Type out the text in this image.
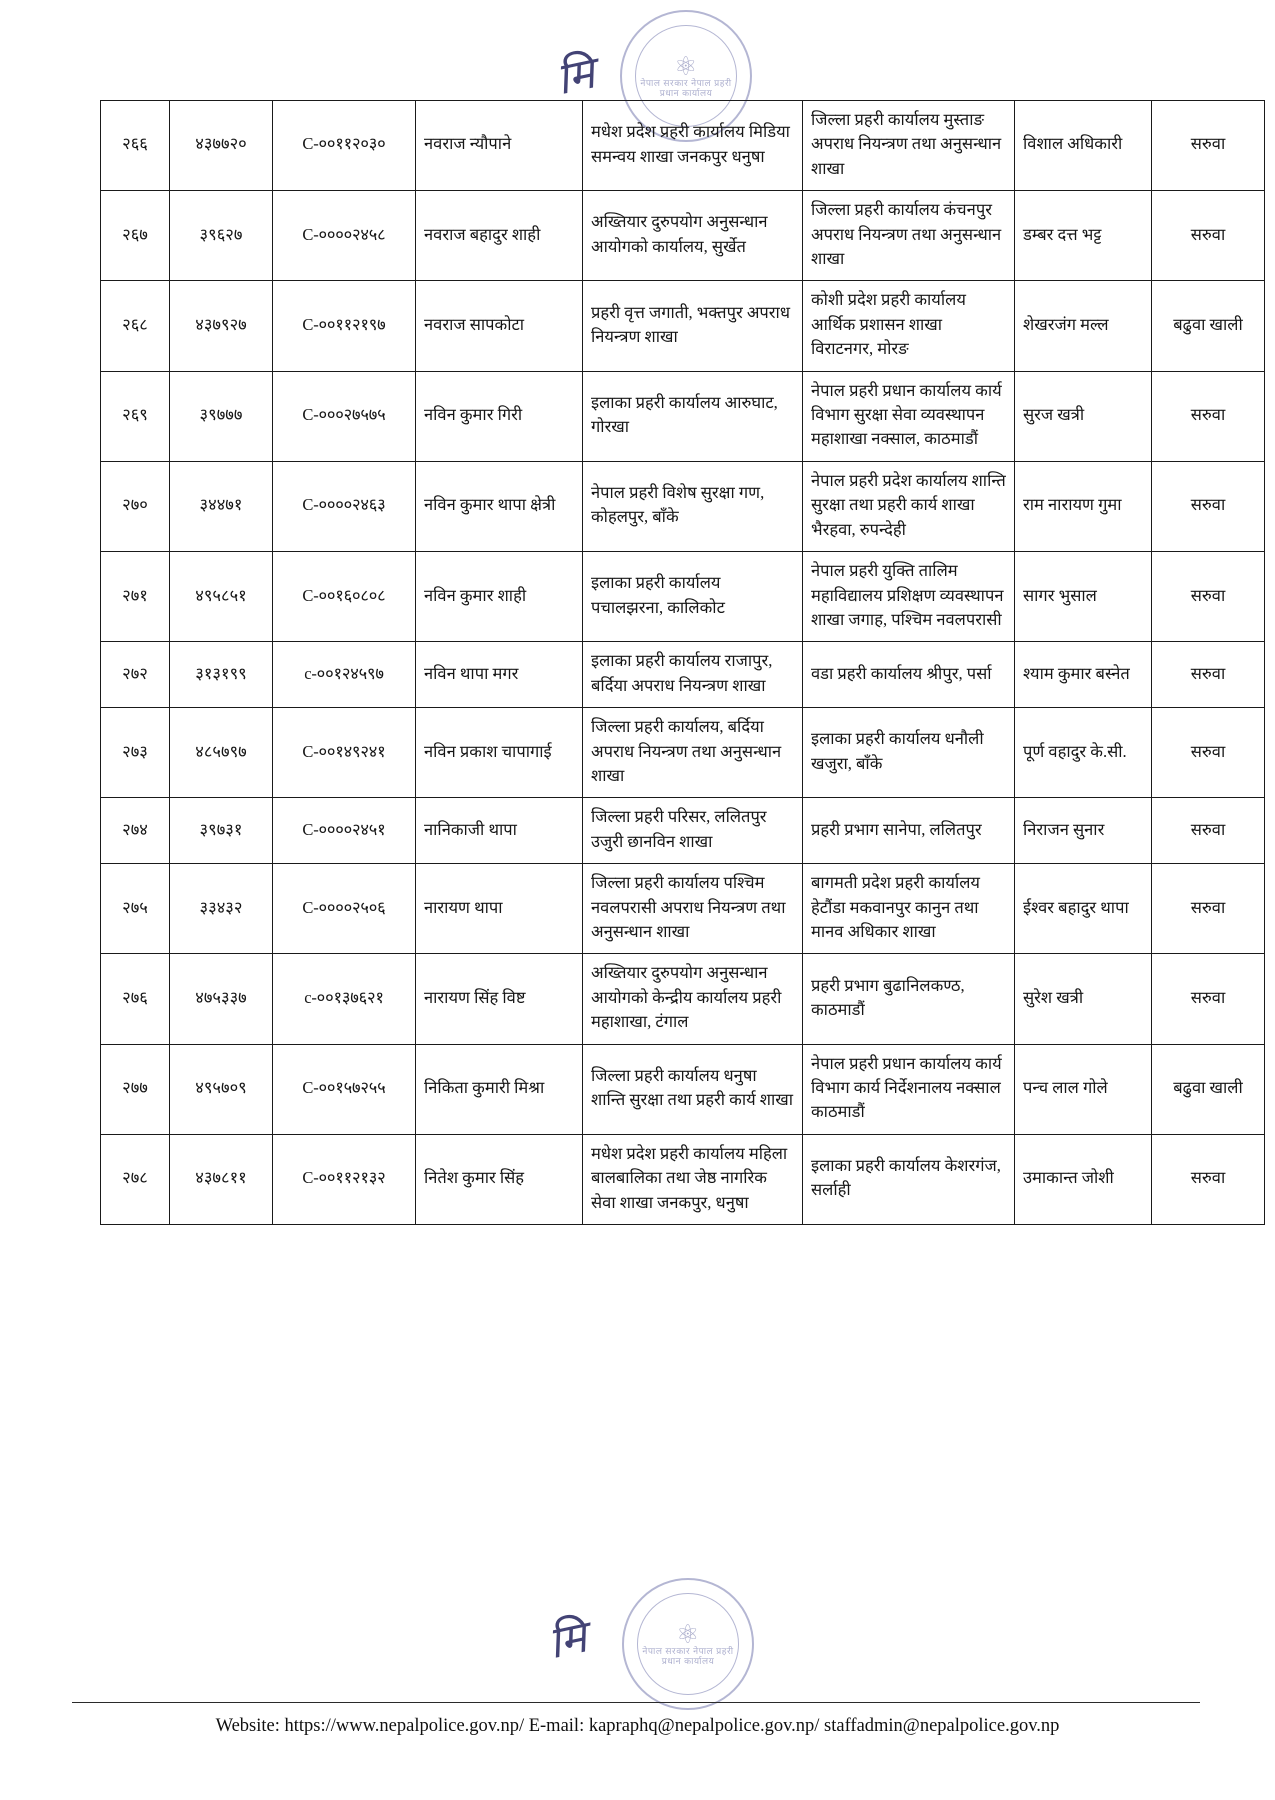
⚛
नेपाल सरकार नेपाल प्रहरी प्रधान कार्यालय
मि
२६६	४३७७२०	C-००११२०३०	नवराज न्यौपाने	मधेश प्रदेश प्रहरी कार्यालय मिडिया समन्वय शाखा जनकपुर धनुषा	जिल्ला प्रहरी कार्यालय मुस्ताङ अपराध नियन्त्रण तथा अनुसन्धान शाखा	विशाल अधिकारी	सरुवा
२६७	३९६२७	C-००००२४५८	नवराज बहादुर शाही	अख्तियार दुरुपयोग अनुसन्धान आयोगको कार्यालय, सुर्खेत	जिल्ला प्रहरी कार्यालय कंचनपुर अपराध नियन्त्रण तथा अनुसन्धान शाखा	डम्बर दत्त भट्ट	सरुवा
२६८	४३७९२७	C-००११२१९७	नवराज सापकोटा	प्रहरी वृत्त जगाती, भक्तपुर अपराध नियन्त्रण शाखा	कोशी प्रदेश प्रहरी कार्यालय आर्थिक प्रशासन शाखा विराटनगर, मोरङ	शेखरजंग मल्ल	बढुवा खाली
२६९	३९७७७	C-०००२७५७५	नविन कुमार गिरी	इलाका प्रहरी कार्यालय आरुघाट, गोरखा	नेपाल प्रहरी प्रधान कार्यालय कार्य विभाग सुरक्षा सेवा व्यवस्थापन महाशाखा नक्साल, काठमाडौं	सुरज खत्री	सरुवा
२७०	३४४७१	C-००००२४६३	नविन कुमार थापा क्षेत्री	नेपाल प्रहरी विशेष सुरक्षा गण, कोहलपुर, बाँके	नेपाल प्रहरी प्रदेश कार्यालय शान्ति सुरक्षा तथा प्रहरी कार्य शाखा भैरहवा, रुपन्देही	राम नारायण गुमा	सरुवा
२७१	४९५८५१	C-००१६०८०८	नविन कुमार शाही	इलाका प्रहरी कार्यालय पचालझरना, कालिकोट	नेपाल प्रहरी युक्ति तालिम महाविद्यालय प्रशिक्षण व्यवस्थापन शाखा जगाह, पश्चिम नवलपरासी	सागर भुसाल	सरुवा
२७२	३१३१९९	c-००१२४५९७	नविन थापा मगर	इलाका प्रहरी कार्यालय राजापुर, बर्दिया अपराध नियन्त्रण शाखा	वडा प्रहरी कार्यालय श्रीपुर, पर्सा	श्याम कुमार बस्नेत	सरुवा
२७३	४८५७९७	C-००१४९२४१	नविन प्रकाश चापागाई	जिल्ला प्रहरी कार्यालय, बर्दिया अपराध नियन्त्रण तथा अनुसन्धान शाखा	इलाका प्रहरी कार्यालय धनौली खजुरा, बाँके	पूर्ण वहादुर के.सी.	सरुवा
२७४	३९७३१	C-००००२४५१	नानिकाजी थापा	जिल्ला प्रहरी परिसर, ललितपुर उजुरी छानविन शाखा	प्रहरी प्रभाग सानेपा, ललितपुर	निराजन सुनार	सरुवा
२७५	३३४३२	C-००००२५०६	नारायण थापा	जिल्ला प्रहरी कार्यालय पश्चिम नवलपरासी अपराध नियन्त्रण तथा अनुसन्धान शाखा	बागमती प्रदेश प्रहरी कार्यालय हेटौंडा मकवानपुर कानुन तथा मानव अधिकार शाखा	ईश्वर बहादुर थापा	सरुवा
२७६	४७५३३७	c-००१३७६२१	नारायण सिंह विष्ट	अख्तियार दुरुपयोग अनुसन्धान आयोगको केन्द्रीय कार्यालय प्रहरी महाशाखा, टंगाल	प्रहरी प्रभाग बुढानिलकण्ठ, काठमाडौं	सुरेश खत्री	सरुवा
२७७	४९५७०९	C-००१५७२५५	निकिता कुमारी मिश्रा	जिल्ला प्रहरी कार्यालय धनुषा शान्ति सुरक्षा तथा प्रहरी कार्य शाखा	नेपाल प्रहरी प्रधान कार्यालय कार्य विभाग कार्य निर्देशनालय नक्साल काठमाडौं	पन्च लाल गोले	बढुवा खाली
२७८	४३७८११	C-००११२१३२	नितेश कुमार सिंह	मधेश प्रदेश प्रहरी कार्यालय महिला बालबालिका तथा जेष्ठ नागरिक सेवा शाखा जनकपुर, धनुषा	इलाका प्रहरी कार्यालय केशरगंज, सर्लाही	उमाकान्त जोशी	सरुवा
⚛
नेपाल सरकार नेपाल प्रहरी प्रधान कार्यालय
मि
Website: https://www.nepalpolice.gov.np/ E-mail: kapraphq@nepalpolice.gov.np/ staffadmin@nepalpolice.gov.np
